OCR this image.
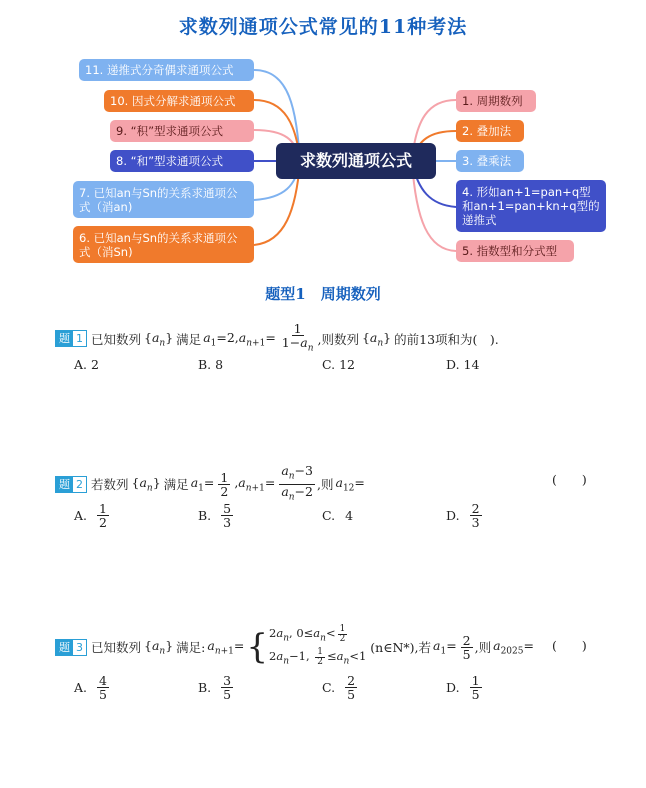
求数列通项公式常见的11种考法
求数列通项公式
11. 递推式分奇偶求通项公式
10. 因式分解求通项公式
9. “积”型求通项公式
8. “和”型求通项公式
7. 已知an与Sn的关系求通项公式（消an)
6. 已知an与Sn的关系求通项公式（消Sn)
1. 周期数列
2. 叠加法
3. 叠乘法
4. 形如an+1=pan+q型和an+1=pan+kn+q型的递推式
5. 指数型和分式型
题型1　周期数列
题 1 已知数列 $\{a_n\}$ 满足 $a_1=2,a_{n+1}= \frac{1}{1-a_n}$ ,则数列 $\{a_n\}$ 的前13项和为(　).
A. 2	B. 8	C. 12	D. 14
题 2 若数列 $\{a_n\}$ 满足 $a_1= \frac{1}{2} ,a_{n+1}= \frac{a_n-3}{a_n-2}$ ,则 $a_{12}=$	(　　)
A. $\frac{1}{2}$	B. $\frac{5}{3}$	C. 4	D. $\frac{2}{3}$
题 3 已知数列 $\{a_n\}$ 满足: $a_{n+1}=$ { $2a_n$, $0\le a_n< \frac{1}{2}$
$2a_n-1$, $\frac{1}{2} \le a_n<1$
(n∈N*),若 $a_1= \frac{2}{5}$ ,则 $a_{2025}=$ (　　)
A. $\frac{4}{5}$	B. $\frac{3}{5}$	C. $\frac{2}{5}$	D. $\frac{1}{5}$
